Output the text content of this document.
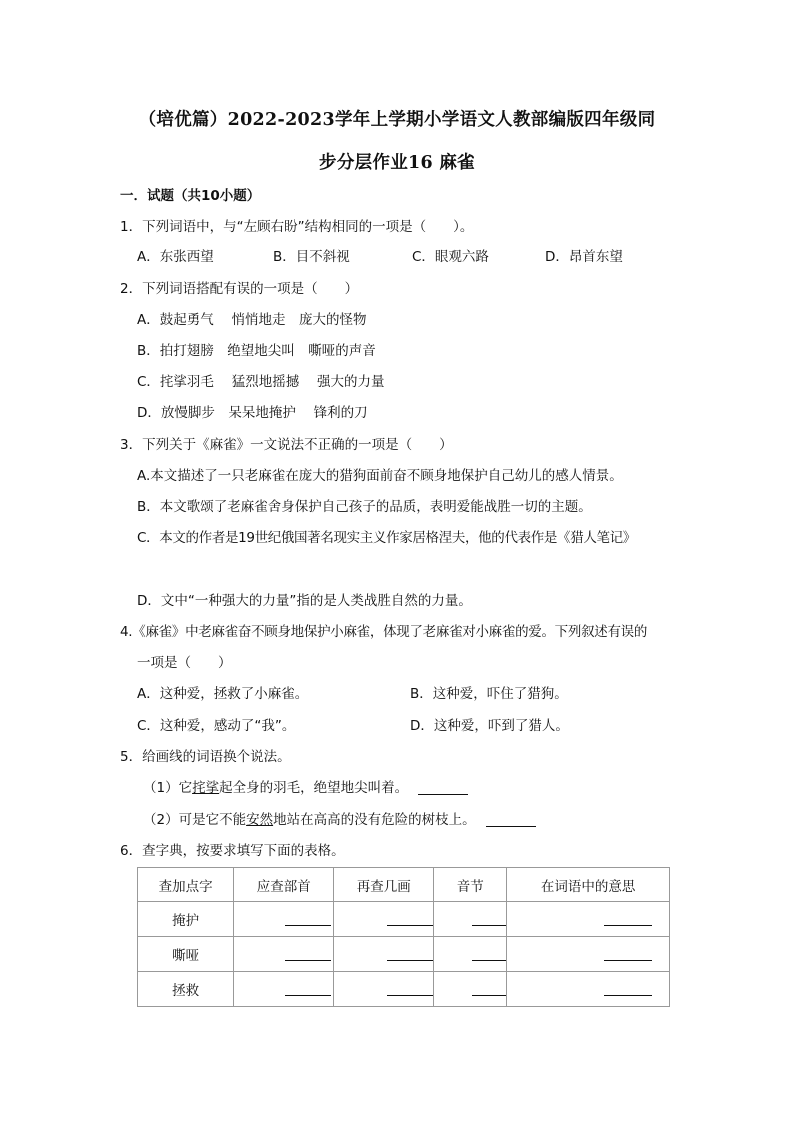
（培优篇）2022-2023学年上学期小学语文人教部编版四年级同
步分层作业16 麻雀
一．试题（共10小题）
1．下列词语中，与“左顾右盼”结构相同的一项是（　　）。
A．东张西望	B．目不斜视	C．眼观六路	D．昂首东望
2．下列词语搭配有误的一项是（　　）
A．鼓起勇气　 悄悄地走　庞大的怪物
B．拍打翅膀　绝望地尖叫　嘶哑的声音
C．挓挲羽毛　 猛烈地摇撼　 强大的力量
D．放慢脚步　呆呆地掩护　 锋利的刀
3．下列关于《麻雀》一文说法不正确的一项是（　　）
A.本文描述了一只老麻雀在庞大的猎狗面前奋不顾身地保护自己幼儿的感人情景。
B．本文歌颂了老麻雀舍身保护自己孩子的品质，表明爱能战胜一切的主题。
C．本文的作者是19世纪俄国著名现实主义作家居格涅夫，他的代表作是《猎人笔记》
D．文中“一种强大的力量”指的是人类战胜自然的力量。
4.《麻雀》中老麻雀奋不顾身地保护小麻雀，体现了老麻雀对小麻雀的爱。下列叙述有误的
一项是（　　）
A．这种爱，拯救了小麻雀。	B．这种爱，吓住了猎狗。
C．这种爱，感动了“我”。	D．这种爱，吓到了猎人。
5．给画线的词语换个说法。
（1）它挓挲起全身的羽毛，绝望地尖叫着。
（2）可是它不能安然地站在高高的没有危险的树枝上。
6．查字典，按要求填写下面的表格。
查加点字	应查部首	再查几画	音节	在词语中的意思
掩护				
嘶哑				
拯救				
